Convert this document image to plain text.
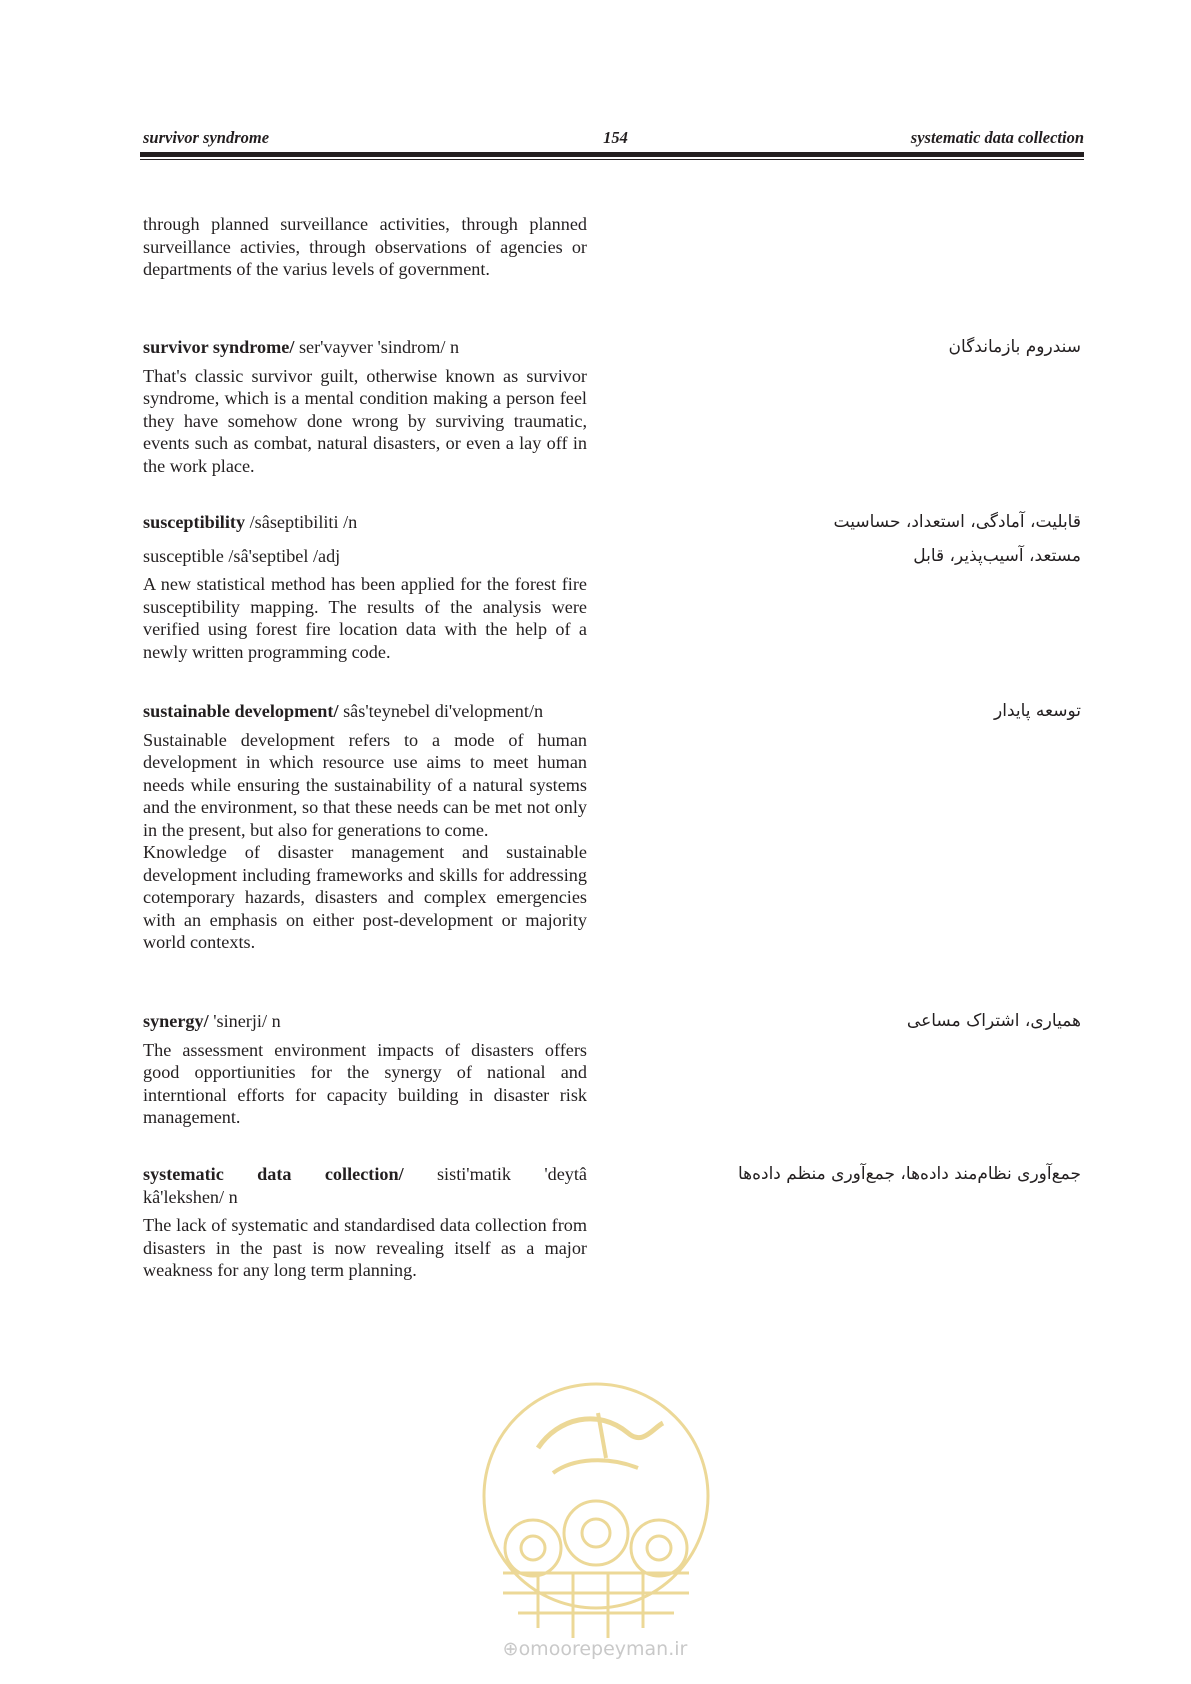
survivor syndrome	154	systematic data collection

through planned surveillance activities, through planned surveillance activies, through observations of agencies or departments of the varius levels of government.

survivor syndrome/ ser'vayver 'sindrom/ n

That's classic survivor guilt, otherwise known as survivor syndrome, which is a mental condition making a person feel they have somehow done wrong by surviving traumatic, events such as combat, natural disasters, or even a lay off in the work place.

سندروم بازماندگان

susceptibility /sâseptibiliti /n

susceptible /sâ'septibel /adj

A new statistical method has been applied for the forest fire susceptibility mapping. The results of the analysis were verified using forest fire location data with the help of a newly written programming code.

قابلیت، آمادگی، استعداد، حساسیت
مستعد، آسیب‌پذیر، قابل

sustainable development/ sâs'teynebel di'velopment/n

Sustainable development refers to a mode of human development in which resource use aims to meet human needs while ensuring the sustainability of a natural systems and the environment, so that these needs can be met not only in the present, but also for generations to come.

Knowledge of disaster management and sustainable development including frameworks and skills for addressing cotemporary hazards, disasters and complex emergencies with an emphasis on either post-development or majority world contexts.

توسعه پایدار

synergy/ 'sinerji/ n

The assessment environment impacts of disasters offers good opportiunities for the synergy of national and interntional efforts for capacity building in disaster risk management.

همیاری، اشتراک مساعی

systematic data collection/ sisti'matik 'deytâ

kâ'lekshen/ n

The lack of systematic and standardised data collection from disasters in the past is now revealing itself as a major weakness for any long term planning.

جمع‌آوری نظام‌مند داده‌ها، جمع‌آوری منظم داده‌ها
⊕omoorepeyman.ir
